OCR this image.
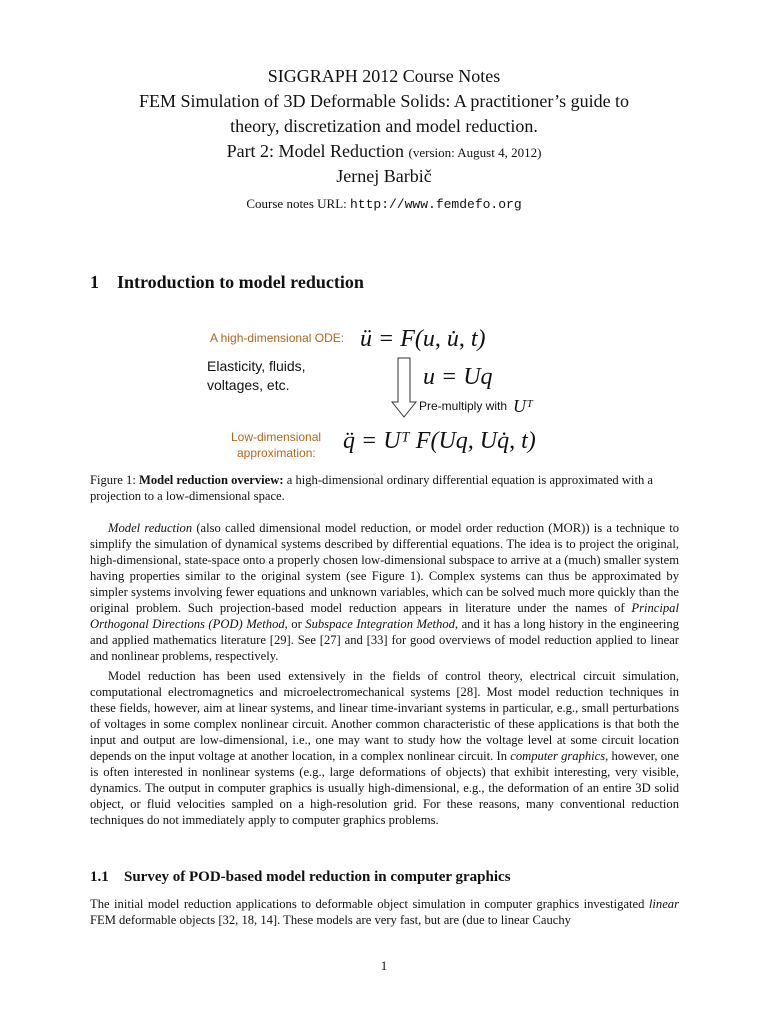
SIGGRAPH 2012 Course Notes
FEM Simulation of 3D Deformable Solids: A practitioner’s guide to
theory, discretization and model reduction.
Part 2: Model Reduction (version: August 4, 2012)
Jernej Barbič
Course notes URL: http://www.femdefo.org
1 Introduction to model reduction
A high-dimensional ODE: ü = F(u, u̇, t)
Elasticity, fluids,
voltages, etc.	u = Uq
Pre-multiply with Uᵀ
Low-dimensional
approximation: q̈ = Uᵀ F(Uq, Uq̇, t)

Figure 1: Model reduction overview: a high-dimensional ordinary differential equation is approximated with a projection to a low-dimensional space.

Model reduction (also called dimensional model reduction, or model order reduction (MOR)) is a technique to simplify the simulation of dynamical systems described by differential equations. The idea is to project the original, high-dimensional, state-space onto a properly chosen low-dimensional subspace to arrive at a (much) smaller system having properties similar to the original system (see Figure 1). Complex systems can thus be approximated by simpler systems involving fewer equations and unknown variables, which can be solved much more quickly than the original problem. Such projection-based model reduction appears in literature under the names of Principal Orthogonal Directions (POD) Method, or Subspace Integration Method, and it has a long history in the engineering and applied mathematics literature [29]. See [27] and [33] for good overviews of model reduction applied to linear and nonlinear problems, respectively.

Model reduction has been used extensively in the fields of control theory, electrical circuit simulation, computational electromagnetics and microelectromechanical systems [28]. Most model reduction techniques in these fields, however, aim at linear systems, and linear time-invariant systems in particular, e.g., small perturbations of voltages in some complex nonlinear circuit. Another common characteristic of these applications is that both the input and output are low-dimensional, i.e., one may want to study how the voltage level at some circuit location depends on the input voltage at another location, in a complex nonlinear circuit. In computer graphics, however, one is often interested in nonlinear systems (e.g., large deformations of objects) that exhibit interesting, very visible, dynamics. The output in computer graphics is usually high-dimensional, e.g., the deformation of an entire 3D solid object, or fluid velocities sampled on a high-resolution grid. For these reasons, many conventional reduction techniques do not immediately apply to computer graphics problems.

1.1 Survey of POD-based model reduction in computer graphics

The initial model reduction applications to deformable object simulation in computer graphics investigated linear FEM deformable objects [32, 18, 14]. These models are very fast, but are (due to linear Cauchy

1
